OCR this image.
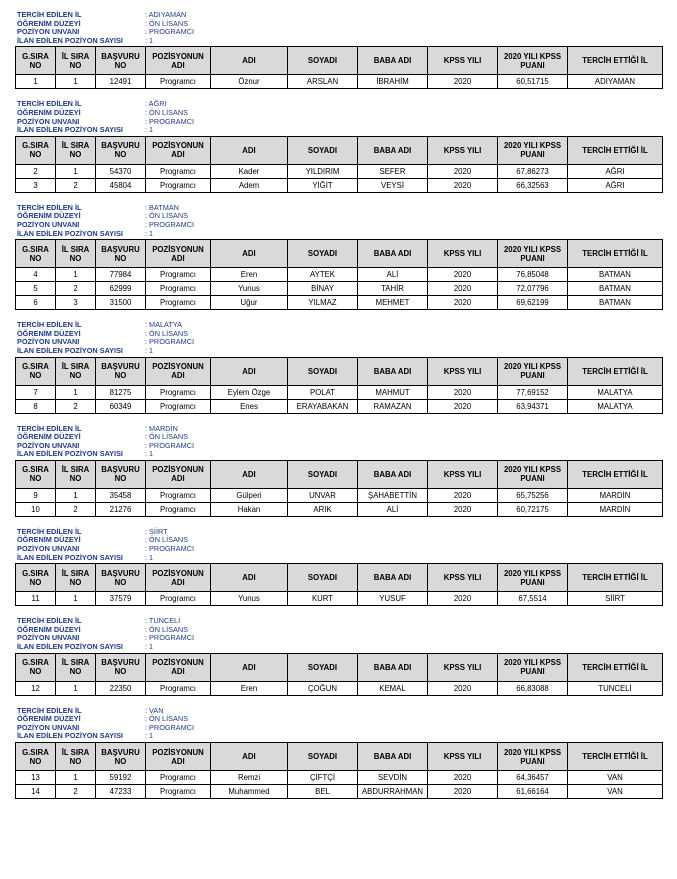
TERCİH EDİLEN İL	: ADIYAMAN
ÖĞRENİM DÜZEYİ	: ÖN LİSANS
POZİYON UNVANI	: PROGRAMCI
İLAN EDİLEN POZİYON SAYISI	: 1
G.SIRA NO	İL SIRA NO	BAŞVURU NO	POZİSYONUN ADI	ADI	SOYADI	BABA ADI	KPSS YILI	2020 YILI KPSS PUANI	TERCİH ETTİĞİ İL
1	1	12491	Programcı	Öznur	ARSLAN	İBRAHİM	2020	60,51715	ADIYAMAN
TERCİH EDİLEN İL	: AĞRI
ÖĞRENİM DÜZEYİ	: ÖN LİSANS
POZİYON UNVANI	: PROGRAMCI
İLAN EDİLEN POZİYON SAYISI	: 1
G.SIRA NO	İL SIRA NO	BAŞVURU NO	POZİSYONUN ADI	ADI	SOYADI	BABA ADI	KPSS YILI	2020 YILI KPSS PUANI	TERCİH ETTİĞİ İL
2	1	54370	Programcı	Kader	YILDIRIM	SEFER	2020	67,86273	AĞRI
3	2	45804	Programcı	Adem	YİĞİT	VEYSİ	2020	66,32563	AĞRI
TERCİH EDİLEN İL	: BATMAN
ÖĞRENİM DÜZEYİ	: ÖN LİSANS
POZİYON UNVANI	: PROGRAMCI
İLAN EDİLEN POZİYON SAYISI	: 1
G.SIRA NO	İL SIRA NO	BAŞVURU NO	POZİSYONUN ADI	ADI	SOYADI	BABA ADI	KPSS YILI	2020 YILI KPSS PUANI	TERCİH ETTİĞİ İL
4	1	77984	Programcı	Eren	AYTEK	ALİ	2020	76,85048	BATMAN
5	2	62999	Programcı	Yunus	BİNAY	TAHİR	2020	72,07796	BATMAN
6	3	31500	Programcı	Uğur	YILMAZ	MEHMET	2020	69,62199	BATMAN
TERCİH EDİLEN İL	: MALATYA
ÖĞRENİM DÜZEYİ	: ÖN LİSANS
POZİYON UNVANI	: PROGRAMCI
İLAN EDİLEN POZİYON SAYISI	: 1
G.SIRA NO	İL SIRA NO	BAŞVURU NO	POZİSYONUN ADI	ADI	SOYADI	BABA ADI	KPSS YILI	2020 YILI KPSS PUANI	TERCİH ETTİĞİ İL
7	1	81275	Programcı	Eylem Özge	POLAT	MAHMUT	2020	77,69152	MALATYA
8	2	60349	Programcı	Enes	ERAYABAKAN	RAMAZAN	2020	63,94371	MALATYA
TERCİH EDİLEN İL	: MARDİN
ÖĞRENİM DÜZEYİ	: ÖN LİSANS
POZİYON UNVANI	: PROGRAMCI
İLAN EDİLEN POZİYON SAYISI	: 1
G.SIRA NO	İL SIRA NO	BAŞVURU NO	POZİSYONUN ADI	ADI	SOYADI	BABA ADI	KPSS YILI	2020 YILI KPSS PUANI	TERCİH ETTİĞİ İL
9	1	35458	Programcı	Gülperi	UNVAR	ŞAHABETTİN	2020	65,75256	MARDİN
10	2	21276	Programcı	Hakan	ARIK	ALİ	2020	60,72175	MARDİN
TERCİH EDİLEN İL	: SİİRT
ÖĞRENİM DÜZEYİ	: ÖN LİSANS
POZİYON UNVANI	: PROGRAMCI
İLAN EDİLEN POZİYON SAYISI	: 1
G.SIRA NO	İL SIRA NO	BAŞVURU NO	POZİSYONUN ADI	ADI	SOYADI	BABA ADI	KPSS YILI	2020 YILI KPSS PUANI	TERCİH ETTİĞİ İL
11	1	37579	Programcı	Yunus	KURT	YUSUF	2020	67,5514	SİİRT
TERCİH EDİLEN İL	: TUNCELİ
ÖĞRENİM DÜZEYİ	: ÖN LİSANS
POZİYON UNVANI	: PROGRAMCI
İLAN EDİLEN POZİYON SAYISI	: 1
G.SIRA NO	İL SIRA NO	BAŞVURU NO	POZİSYONUN ADI	ADI	SOYADI	BABA ADI	KPSS YILI	2020 YILI KPSS PUANI	TERCİH ETTİĞİ İL
12	1	22350	Programcı	Eren	ÇOĞUN	KEMAL	2020	66,83088	TUNCELİ
TERCİH EDİLEN İL	: VAN
ÖĞRENİM DÜZEYİ	: ÖN LİSANS
POZİYON UNVANI	: PROGRAMCI
İLAN EDİLEN POZİYON SAYISI	: 1
G.SIRA NO	İL SIRA NO	BAŞVURU NO	POZİSYONUN ADI	ADI	SOYADI	BABA ADI	KPSS YILI	2020 YILI KPSS PUANI	TERCİH ETTİĞİ İL
13	1	59192	Programcı	Remzi	ÇİFTÇİ	SEVDİN	2020	64,36457	VAN
14	2	47233	Programcı	Muhammed	BEL	ABDURRAHMAN	2020	61,66164	VAN
